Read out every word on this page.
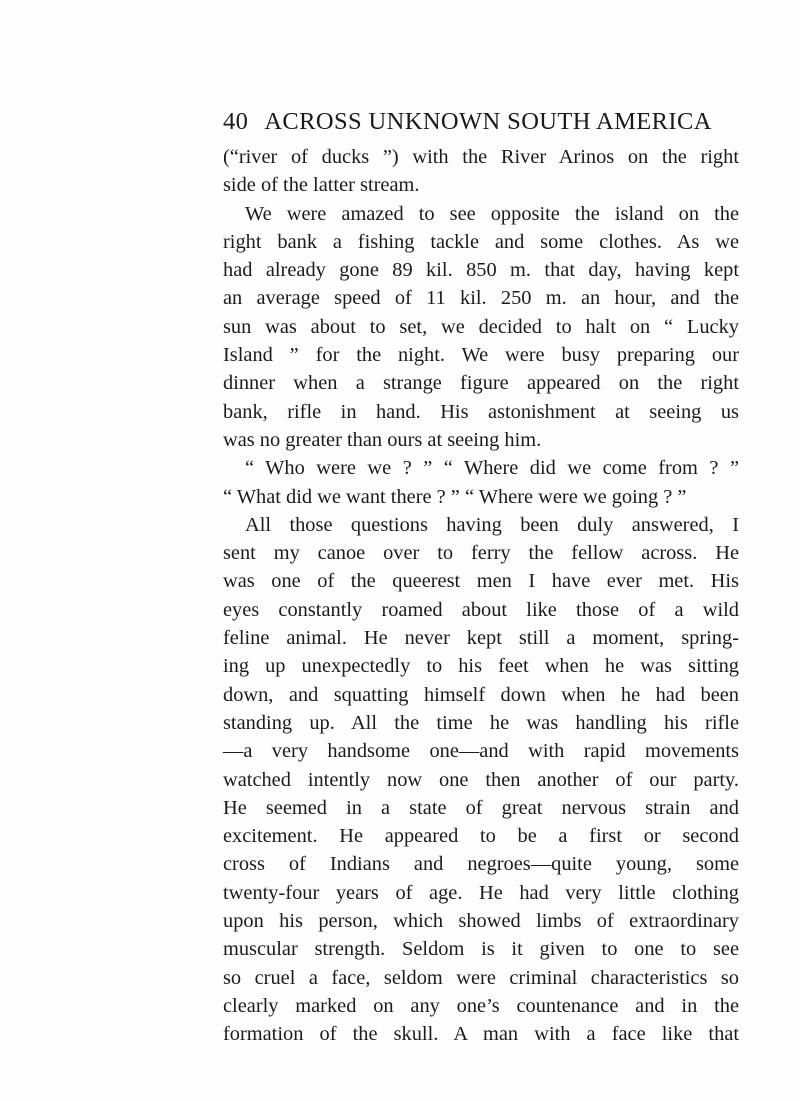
40 ACROSS UNKNOWN SOUTH AMERICA
(“river of ducks ”) with the River Arinos on the right
side of the latter stream.
We were amazed to see opposite the island on the
right bank a fishing tackle and some clothes. As we
had already gone 89 kil. 850 m. that day, having kept
an average speed of 11 kil. 250 m. an hour, and the
sun was about to set, we decided to halt on “ Lucky
Island ” for the night. We were busy preparing our
dinner when a strange figure appeared on the right
bank, rifle in hand. His astonishment at seeing us
was no greater than ours at seeing him.
“ Who were we ? ” “ Where did we come from ? ”
“ What did we want there ? ” “ Where were we going ? ”
All those questions having been duly answered, I
sent my canoe over to ferry the fellow across. He
was one of the queerest men I have ever met. His
eyes constantly roamed about like those of a wild
feline animal. He never kept still a moment, spring-
ing up unexpectedly to his feet when he was sitting
down, and squatting himself down when he had been
standing up. All the time he was handling his rifle
—a very handsome one—and with rapid movements
watched intently now one then another of our party.
He seemed in a state of great nervous strain and
excitement. He appeared to be a first or second
cross of Indians and negroes—quite young, some
twenty-four years of age. He had very little clothing
upon his person, which showed limbs of extraordinary
muscular strength. Seldom is it given to one to see
so cruel a face, seldom were criminal characteristics so
clearly marked on any one’s countenance and in the
formation of the skull. A man with a face like that
